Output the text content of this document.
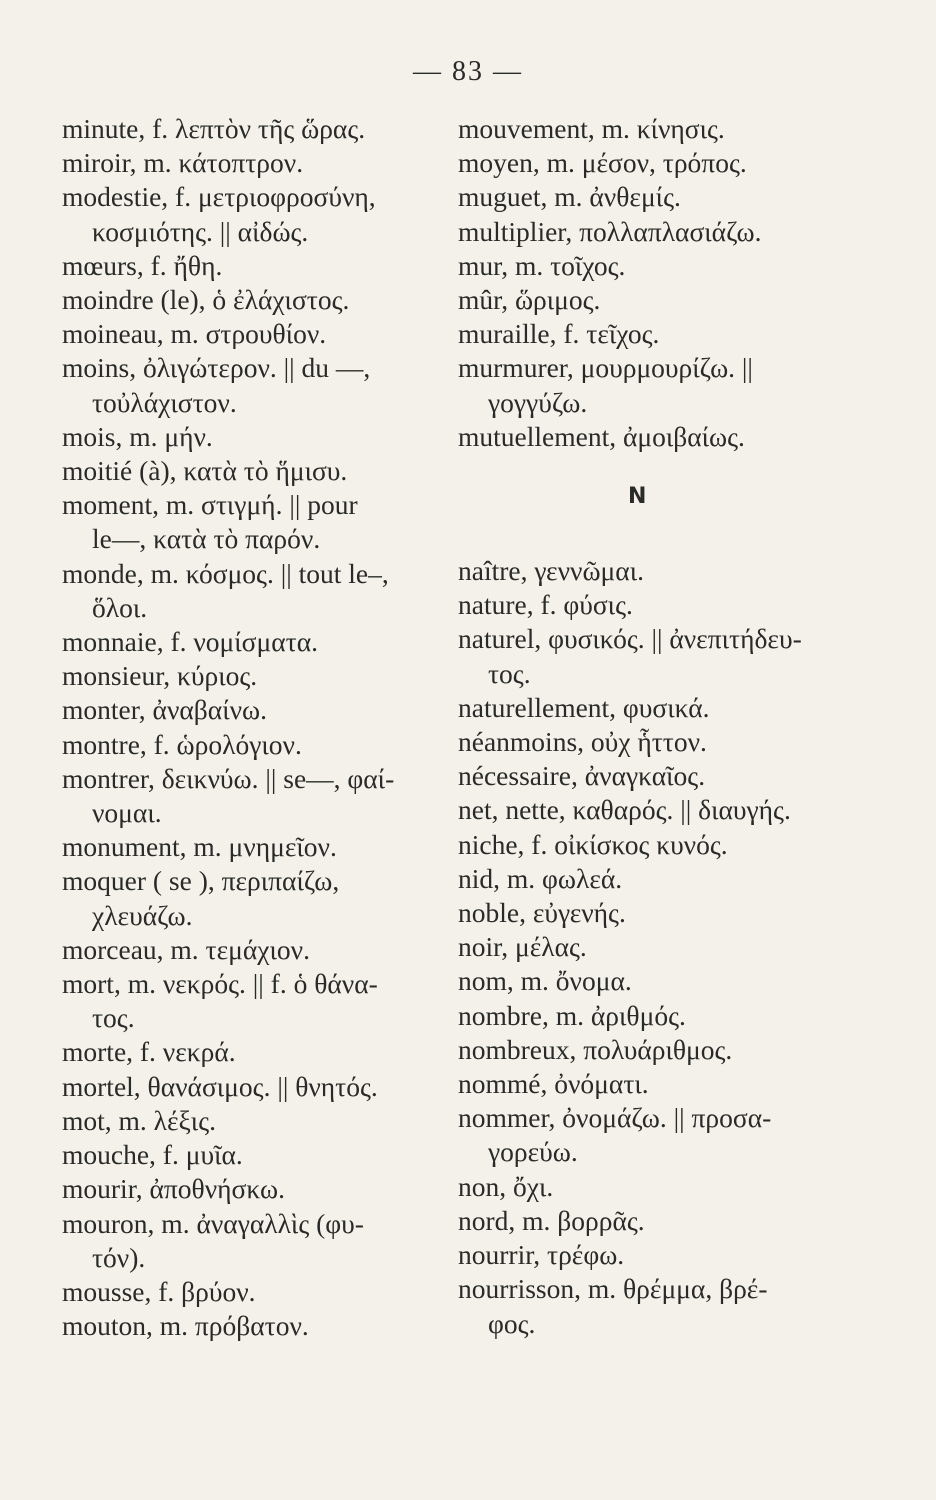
— 83 —
minute, f. λεπτὸν τῆς ὥρας.
miroir, m. κάτοπτρον.
modestie, f. μετριοφροσύνη,
κοσμιότης. || αἰδώς.
mœurs, f. ἤθη.
moindre (le), ὁ ἐλάχιστος.
moineau, m. στρουθίον.
moins, ὀλιγώτερον. || du —,
τοὐλάχιστον.
mois, m. μήν.
moitié (à), κατὰ τὸ ἥμισυ.
moment, m. στιγμή. || pour
le—, κατὰ τὸ παρόν.
monde, m. κόσμος. || tout le–,
ὅλοι.
monnaie, f. νομίσματα.
monsieur, κύριος.
monter, ἀναβαίνω.
montre, f. ὡρολόγιον.
montrer, δεικνύω. || se—, φαί-
νομαι.
monument, m. μνημεῖον.
moquer ( se ), περιπαίζω,
χλευάζω.
morceau, m. τεμάχιον.
mort, m. νεκρός. || f. ὁ θάνα-
τος.
morte, f. νεκρά.
mortel, θανάσιμος. || θνητός.
mot, m. λέξις.
mouche, f. μυῖα.
mourir, ἀποθνήσκω.
mouron, m. ἀναγαλλὶς (φυ-
τόν).
mousse, f. βρύον.
mouton, m. πρόβατον.
mouvement, m. κίνησις.
moyen, m. μέσον, τρόπος.
muguet, m. ἀνθεμίς.
multiplier, πολλαπλασιάζω.
mur, m. τοῖχος.
mûr, ὥριμος.
muraille, f. τεῖχος.
murmurer, μουρμουρίζω. ||
γογγύζω.
mutuellement, ἀμοιβαίως.
N
naître, γεννῶμαι.
nature, f. φύσις.
naturel, φυσικός. || ἀνεπιτήδευ-
τος.
naturellement, φυσικά.
néanmoins, οὐχ ἧττον.
nécessaire, ἀναγκαῖος.
net, nette, καθαρός. || διαυγής.
niche, f. οἰκίσκος κυνός.
nid, m. φωλεά.
noble, εὐγενής.
noir, μέλας.
nom, m. ὄνομα.
nombre, m. ἀριθμός.
nombreux, πολυάριθμος.
nommé, ὀνόματι.
nommer, ὀνομάζω. || προσα-
γορεύω.
non, ὄχι.
nord, m. βορρᾶς.
nourrir, τρέφω.
nourrisson, m. θρέμμα, βρέ-
φος.
